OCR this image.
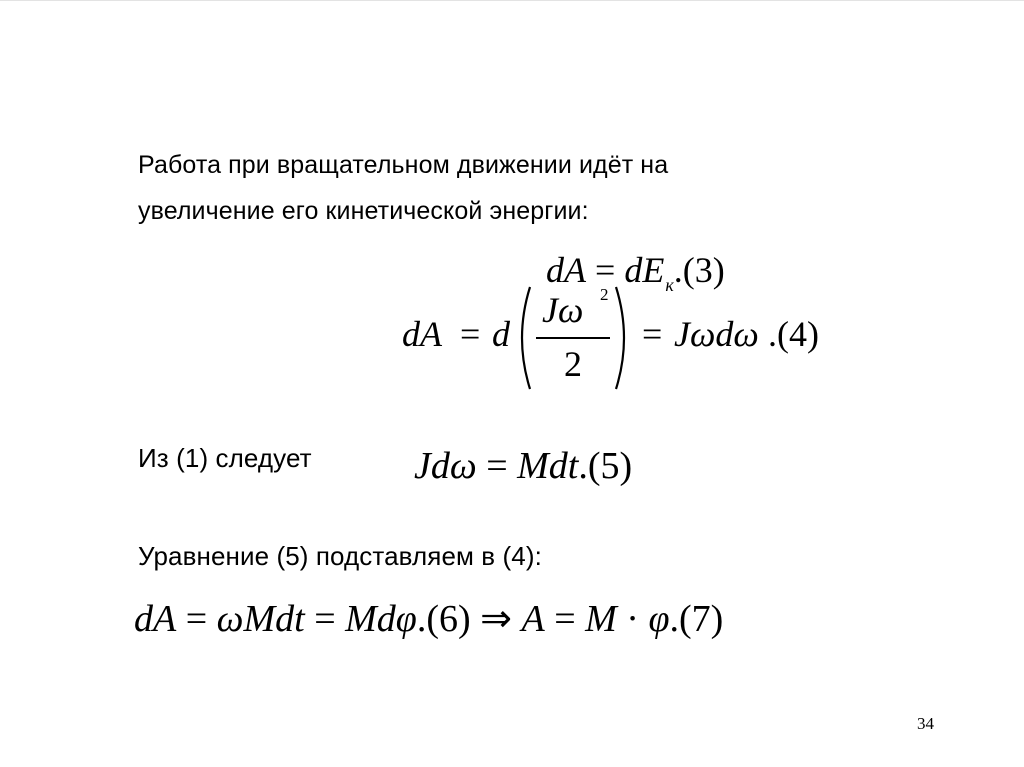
Работа при вращательном движении идёт на
увеличение его кинетической энергии:
dA = $dE_к.(3)$
dA = d
Jω 2
2
= Jωdω .(4)
Из (1) следует	Jdω = Mdt.(5)
Уравнение (5) подставляем в (4):
dA = ωMdt = Mdφ.(6) ⇒ A = M · φ.(7)
34
